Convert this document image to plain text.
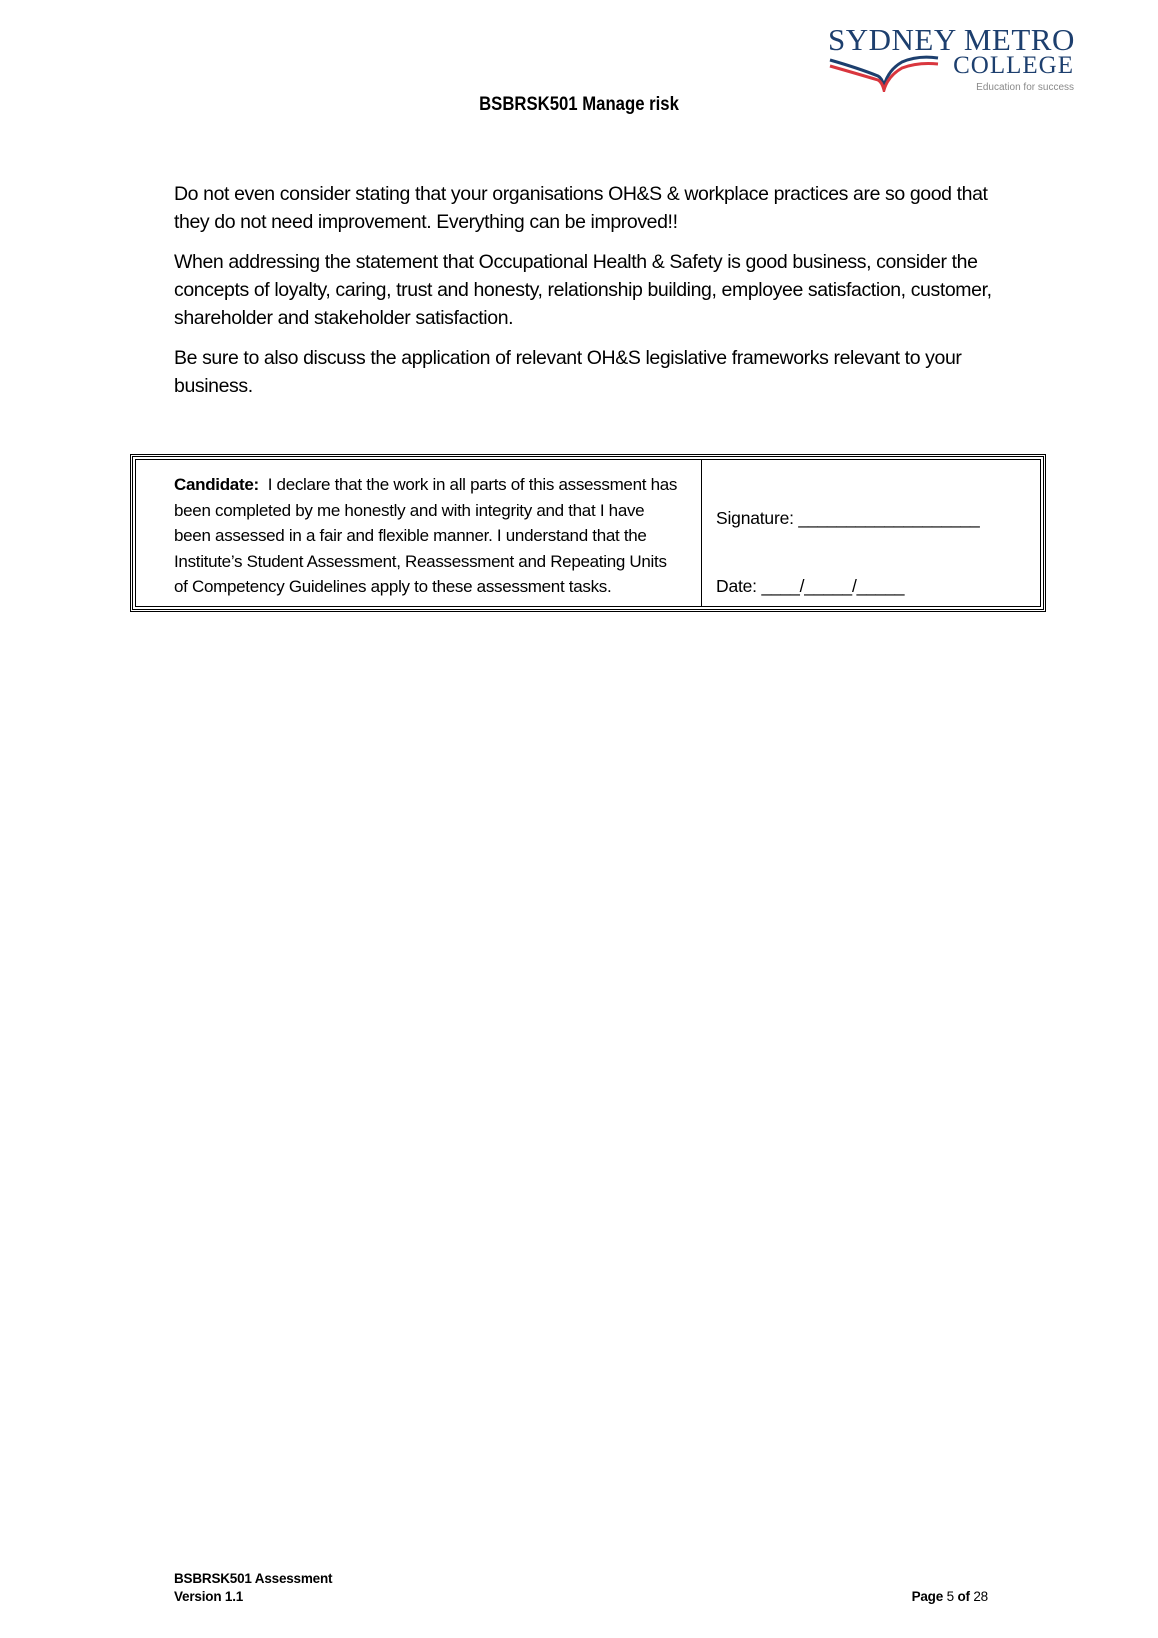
SYDNEY METRO
COLLEGE
Education for success
BSBRSK501 Manage risk

Do not even consider stating that your organisations OH&S & workplace practices are so good that they do not need improvement. Everything can be improved!!

When addressing the statement that Occupational Health & Safety is good business, consider the concepts of loyalty, caring, trust and honesty, relationship building, employee satisfaction, customer, shareholder and stakeholder satisfaction.

Be sure to also discuss the application of relevant OH&S legislative frameworks relevant to your business.

Candidate: I declare that the work in all parts of this assessment has been completed by me honestly and with integrity and that I have been assessed in a fair and flexible manner. I understand that the Institute’s Student Assessment, Reassessment and Repeating Units of Competency Guidelines apply to these assessment tasks.
Signature: ___________________
Date: ____/_____/_____
BSBRSK501 Assessment
Version 1.1	Page 5 of 28
